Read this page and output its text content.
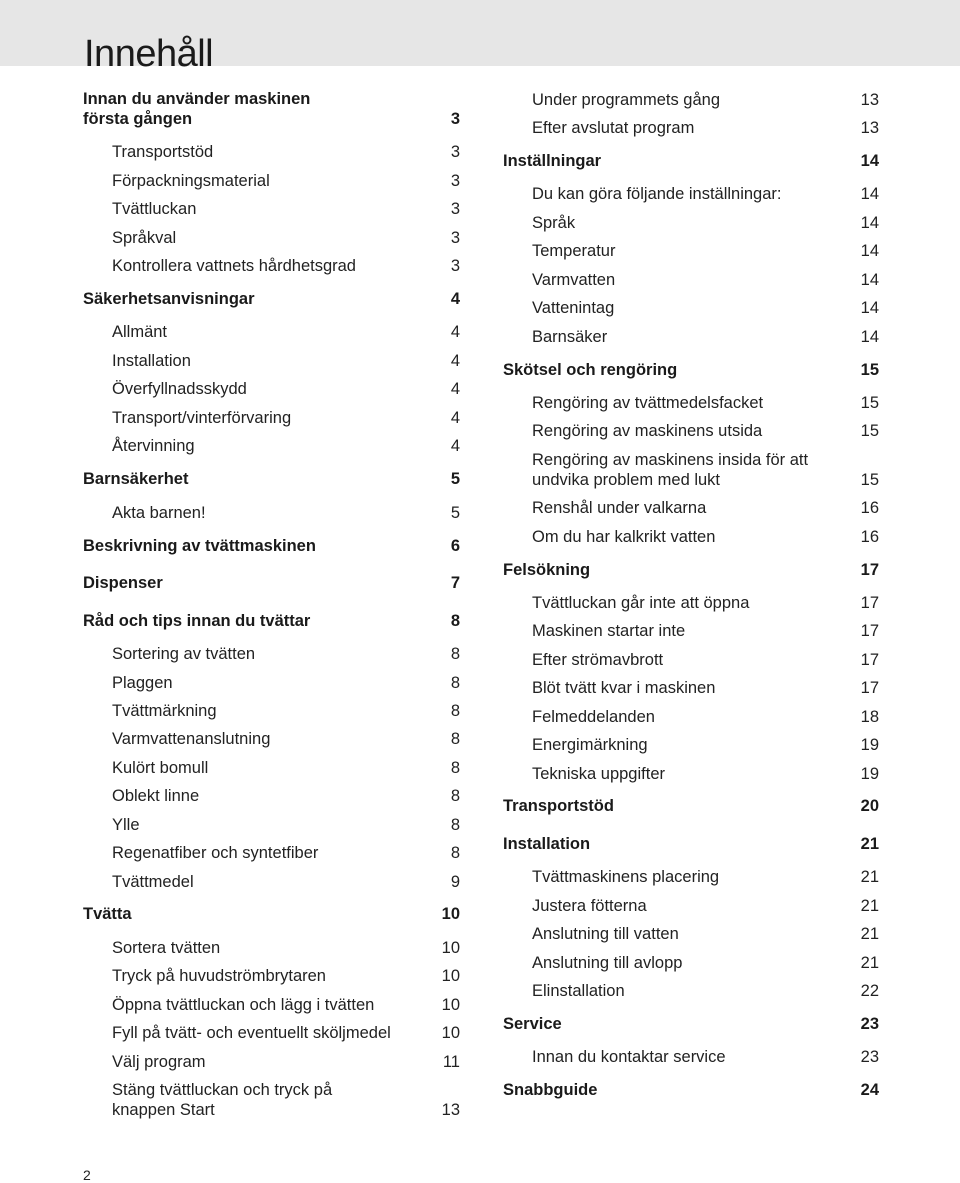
Innehåll
Innan du använder maskinen
första gången	3
Transportstöd	3
Förpackningsmaterial	3
Tvättluckan	3
Språkval	3
Kontrollera vattnets hårdhetsgrad	3
Säkerhetsanvisningar	4
Allmänt	4
Installation	4
Överfyllnadsskydd	4
Transport/vinterförvaring	4
Återvinning	4
Barnsäkerhet	5
Akta barnen!	5
Beskrivning av tvättmaskinen	6
Dispenser	7
Råd och tips innan du tvättar	8
Sortering av tvätten	8
Plaggen	8
Tvättmärkning	8
Varmvattenanslutning	8
Kulört bomull	8
Oblekt linne	8
Ylle	8
Regenatfiber och syntetfiber	8
Tvättmedel	9
Tvätta	10
Sortera tvätten	10
Tryck på huvudströmbrytaren	10
Öppna tvättluckan och lägg i tvätten	10
Fyll på tvätt- och eventuellt sköljmedel	10
Välj program	11
Stäng tvättluckan och tryck på
knappen Start	13
Under programmets gång	13
Efter avslutat program	13
Inställningar	14
Du kan göra följande inställningar:	14
Språk	14
Temperatur	14
Varmvatten	14
Vattenintag	14
Barnsäker	14
Skötsel och rengöring	15
Rengöring av tvättmedelsfacket	15
Rengöring av maskinens utsida	15
Rengöring av maskinens insida för att
undvika problem med lukt	15
Renshål under valkarna	16
Om du har kalkrikt vatten	16
Felsökning	17
Tvättluckan går inte att öppna	17
Maskinen startar inte	17
Efter strömavbrott	17
Blöt tvätt kvar i maskinen	17
Felmeddelanden	18
Energimärkning	19
Tekniska uppgifter	19
Transportstöd	20
Installation	21
Tvättmaskinens placering	21
Justera fötterna	21
Anslutning till vatten	21
Anslutning till avlopp	21
Elinstallation	22
Service	23
Innan du kontaktar service	23
Snabbguide	24
2
